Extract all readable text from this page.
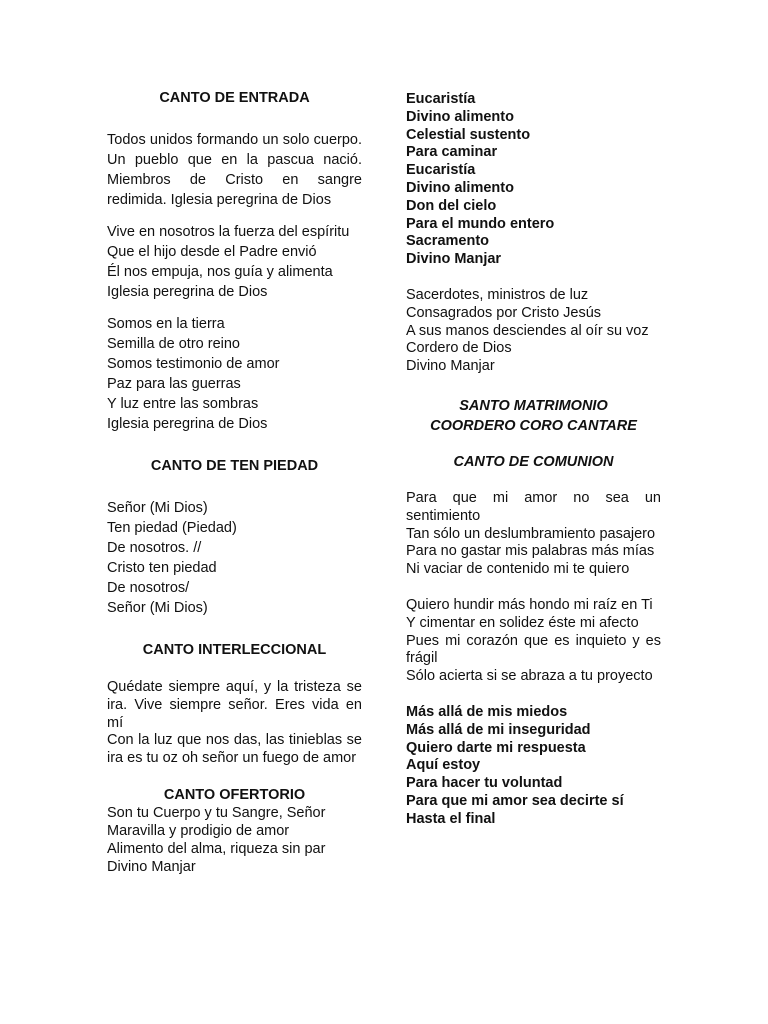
CANTO DE ENTRADA

Todos unidos formando un solo cuerpo. Un pueblo que en la pascua nació. Miembros de Cristo en sangre redimida. Iglesia peregrina de Dios

Vive en nosotros la fuerza del espíritu
Que el hijo desde el Padre envió
Él nos empuja, nos guía y alimenta
Iglesia peregrina de Dios

Somos en la tierra
Semilla de otro reino
Somos testimonio de amor
Paz para las guerras
Y luz entre las sombras
Iglesia peregrina de Dios

CANTO DE TEN PIEDAD

Señor (Mi Dios)
Ten piedad (Piedad)
De nosotros. //
Cristo ten piedad
De nosotros/
Señor (Mi Dios)

CANTO INTERLECCIONAL

Quédate siempre aquí, y la tristeza se ira. Vive siempre señor. Eres vida en mí

Con la luz que nos das, las tinieblas se ira es tu oz oh señor un fuego de amor

CANTO OFERTORIO

Son tu Cuerpo y tu Sangre, Señor
Maravilla y prodigio de amor
Alimento del alma, riqueza sin par
Divino Manjar

Eucaristía
Divino alimento
Celestial sustento
Para caminar
Eucaristía
Divino alimento
Don del cielo
Para el mundo entero
Sacramento
Divino Manjar

Sacerdotes, ministros de luz
Consagrados por Cristo Jesús
A sus manos desciendes al oír su voz
Cordero de Dios
Divino Manjar

SANTO MATRIMONIO

COORDERO CORO CANTARE

CANTO DE COMUNION

Para que mi amor no sea un sentimiento

Tan sólo un deslumbramiento pasajero

Para no gastar mis palabras más mías

Ni vaciar de contenido mi te quiero

Quiero hundir más hondo mi raíz en Ti

Y cimentar en solidez éste mi afecto

Pues mi corazón que es inquieto y es frágil

Sólo acierta si se abraza a tu proyecto

Más allá de mis miedos
Más allá de mi inseguridad
Quiero darte mi respuesta
Aquí estoy
Para hacer tu voluntad
Para que mi amor sea decirte sí
Hasta el final
